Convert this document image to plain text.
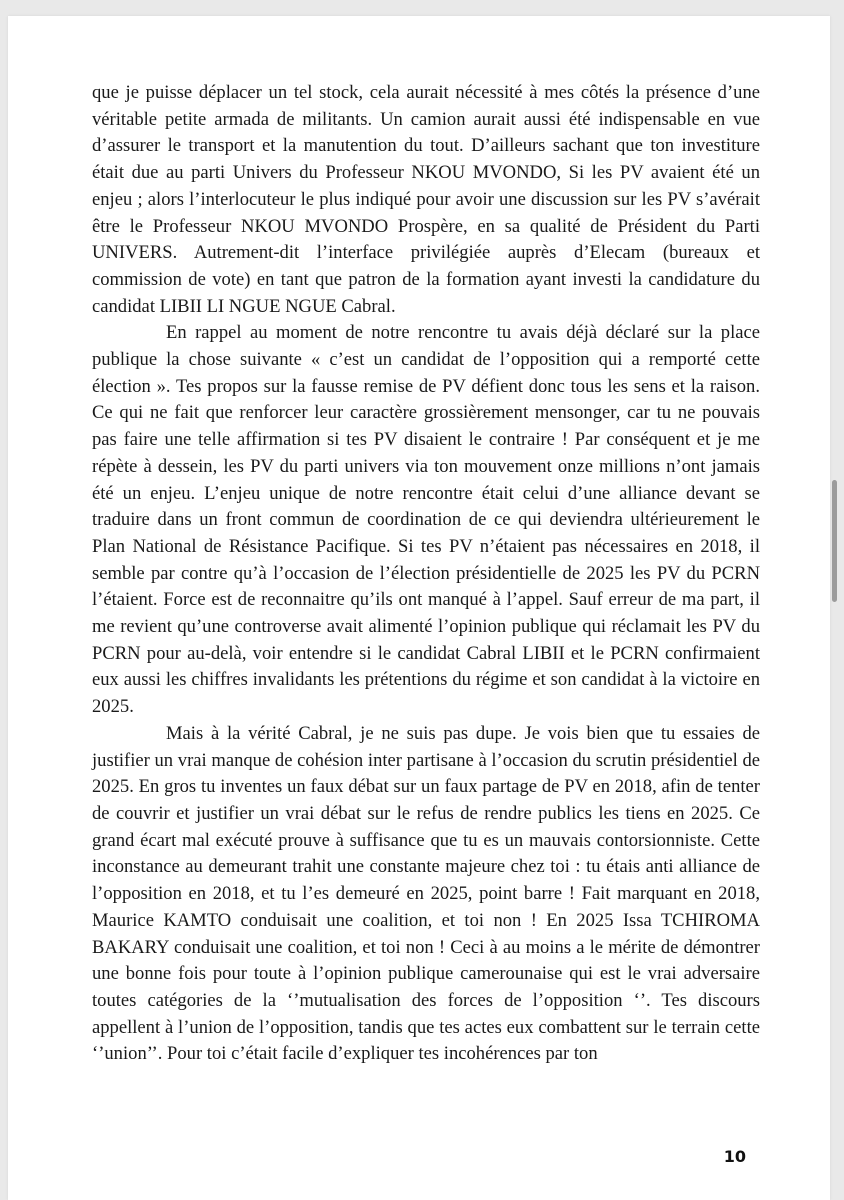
que je puisse déplacer un tel stock, cela aurait nécessité à mes côtés la présence d’une véritable petite armada de militants. Un camion aurait aussi été indispensable en vue d’assurer le transport et la manutention du tout. D’ailleurs sachant que ton investiture était due au parti Univers du Professeur NKOU MVONDO, Si les PV avaient été un enjeu ; alors l’interlocuteur le plus indiqué pour avoir une discussion sur les PV s’avérait être le Professeur NKOU MVONDO Prospère, en sa qualité de Président du Parti UNIVERS. Autrement-dit l’interface privilégiée auprès d’Elecam (bureaux et commission de vote) en tant que patron de la formation ayant investi la candidature du candidat LIBII LI NGUE NGUE Cabral.

En rappel au moment de notre rencontre tu avais déjà déclaré sur la place publique la chose suivante « c’est un candidat de l’opposition qui a remporté cette élection ». Tes propos sur la fausse remise de PV défient donc tous les sens et la raison. Ce qui ne fait que renforcer leur caractère grossièrement mensonger, car tu ne pouvais pas faire une telle affirmation si tes PV disaient le contraire ! Par conséquent et je me répète à dessein, les PV du parti univers via ton mouvement onze millions n’ont jamais été un enjeu. L’enjeu unique de notre rencontre était celui d’une alliance devant se traduire dans un front commun de coordination de ce qui deviendra ultérieurement le Plan National de Résistance Pacifique. Si tes PV n’étaient pas nécessaires en 2018, il semble par contre qu’à l’occasion de l’élection présidentielle de 2025 les PV du PCRN l’étaient. Force est de reconnaitre qu’ils ont manqué à l’appel. Sauf erreur de ma part, il me revient qu’une controverse avait alimenté l’opinion publique qui réclamait les PV du PCRN pour au-delà, voir entendre si le candidat Cabral LIBII et le PCRN confirmaient eux aussi les chiffres invalidants les prétentions du régime et son candidat à la victoire en 2025.

Mais à la vérité Cabral, je ne suis pas dupe. Je vois bien que tu essaies de justifier un vrai manque de cohésion inter partisane à l’occasion du scrutin présidentiel de 2025. En gros tu inventes un faux débat sur un faux partage de PV en 2018, afin de tenter de couvrir et justifier un vrai débat sur le refus de rendre publics les tiens en 2025. Ce grand écart mal exécuté prouve à suffisance que tu es un mauvais contorsionniste. Cette inconstance au demeurant trahit une constante majeure chez toi : tu étais anti alliance de l’opposition en 2018, et tu l’es demeuré en 2025, point barre ! Fait marquant en 2018, Maurice KAMTO conduisait une coalition, et toi non ! En 2025 Issa TCHIROMA BAKARY conduisait une coalition, et toi non ! Ceci à au moins a le mérite de démontrer une bonne fois pour toute à l’opinion publique camerounaise qui est le vrai adversaire toutes catégories de la ‘’mutualisation des forces de l’opposition ‘’. Tes discours appellent à l’union de l’opposition, tandis que tes actes eux combattent sur le terrain cette ‘’union’’. Pour toi c’était facile d’expliquer tes incohérences par ton

10
